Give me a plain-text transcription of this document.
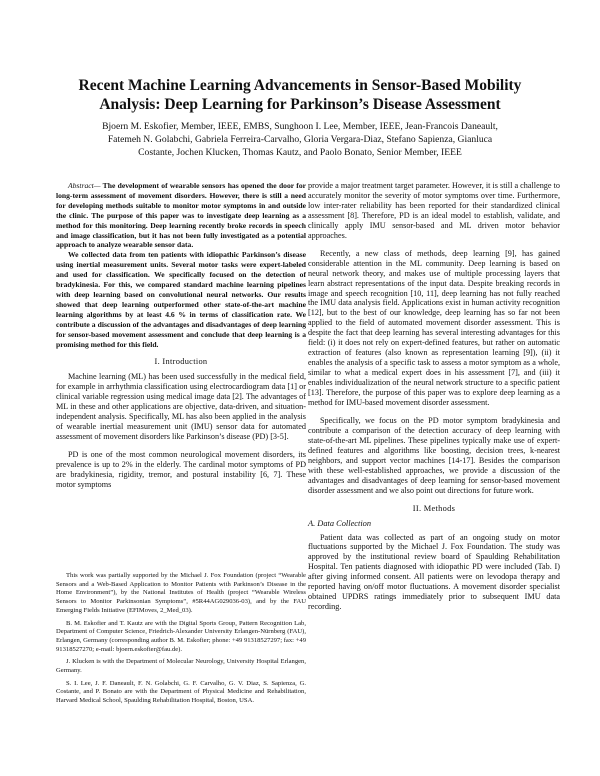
Recent Machine Learning Advancements in Sensor-Based Mobility
Analysis: Deep Learning for Parkinson’s Disease Assessment
Bjoern M. Eskofier, Member, IEEE, EMBS, Sunghoon I. Lee, Member, IEEE, Jean-Francois Daneault,
Fatemeh N. Golabchi, Gabriela Ferreira-Carvalho, Gloria Vergara-Diaz, Stefano Sapienza, Gianluca
Costante, Jochen Klucken, Thomas Kautz, and Paolo Bonato, Senior Member, IEEE

Abstract— The development of wearable sensors has opened the door for long-term assessment of movement disorders. However, there is still a need for developing methods suitable to monitor motor symptoms in and outside the clinic. The purpose of this paper was to investigate deep learning as a method for this monitoring. Deep learning recently broke records in speech and image classification, but it has not been fully investigated as a potential approach to analyze wearable sensor data.

We collected data from ten patients with idiopathic Parkinson’s disease using inertial measurement units. Several motor tasks were expert-labeled and used for classification. We specifically focused on the detection of bradykinesia. For this, we compared standard machine learning pipelines with deep learning based on convolutional neural networks. Our results showed that deep learning outperformed other state-of-the-art machine learning algorithms by at least 4.6 % in terms of classification rate. We contribute a discussion of the advantages and disadvantages of deep learning for sensor-based movement assessment and conclude that deep learning is a promising method for this field.

I. Introduction

Machine learning (ML) has been used successfully in the medical field, for example in arrhythmia classification using electrocardiogram data [1] or clinical variable regression using medical image data [2]. The advantages of ML in these and other applications are objective, data-driven, and situation-independent analysis. Specifically, ML has also been applied in the analysis of wearable inertial measurement unit (IMU) sensor data for automated assessment of movement disorders like Parkinson’s disease (PD) [3-5].

PD is one of the most common neurological movement disorders, its prevalence is up to 2% in the elderly. The cardinal motor symptoms of PD are bradykinesia, rigidity, tremor, and postural instability [6, 7]. These motor symptoms

This work was partially supported by the Michael J. Fox Foundation (project “Wearable Sensors and a Web-Based Application to Monitor Patients with Parkinson’s Disease in the Home Environment”), by the National Institutes of Health (project “Wearable Wireless Sensors to Monitor Parkinsonian Symptoms”, #5R44AG029036-03), and by the FAU Emerging Fields Initiative (EFIMoves, 2_Med_03).

B. M. Eskofier and T. Kautz are with the Digital Sports Group, Pattern Recognition Lab, Department of Computer Science, Friedrich-Alexander University Erlangen-Nürnberg (FAU), Erlangen, Germany (corresponding author B. M. Eskofier; phone: +49 91318527297; fax: +49 91318527270; e-mail: bjoern.eskofier@fau.de).

J. Klucken is with the Department of Molecular Neurology, University Hospital Erlangen, Germany.

S. I. Lee, J. F. Daneault, F. N. Golabchi, G. F. Carvalho, G. V. Diaz, S. Sapienza, G. Costante, and P. Bonato are with the Department of Physical Medicine and Rehabilitation, Harvard Medical School, Spaulding Rehabilitation Hospital, Boston, USA.

provide a major treatment target parameter. However, it is still a challenge to accurately monitor the severity of motor symptoms over time. Furthermore, low inter-rater reliability has been reported for their standardized clinical assessment [8]. Therefore, PD is an ideal model to establish, validate, and clinically apply IMU sensor-based and ML driven motor behavior approaches.

Recently, a new class of methods, deep learning [9], has gained considerable attention in the ML community. Deep learning is based on neural network theory, and makes use of multiple processing layers that learn abstract representations of the input data. Despite breaking records in image and speech recognition [10, 11], deep learning has not fully reached the IMU data analysis field. Applications exist in human activity recognition [12], but to the best of our knowledge, deep learning has so far not been applied to the field of automated movement disorder assessment. This is despite the fact that deep learning has several interesting advantages for this field: (i) it does not rely on expert-defined features, but rather on automatic extraction of features (also known as representation learning [9]), (ii) it enables the analysis of a specific task to assess a motor symptom as a whole, similar to what a medical expert does in his assessment [7], and (iii) it enables individualization of the neural network structure to a specific patient [13]. Therefore, the purpose of this paper was to explore deep learning as a method for IMU-based movement disorder assessment.

Specifically, we focus on the PD motor symptom bradykinesia and contribute a comparison of the detection accuracy of deep learning with state-of-the-art ML pipelines. These pipelines typically make use of expert-defined features and algorithms like boosting, decision trees, k-nearest neighbors, and support vector machines [14-17]. Besides the comparison with these well-established approaches, we provide a discussion of the advantages and disadvantages of deep learning for sensor-based movement disorder assessment and we also point out directions for future work.

II. Methods
A. Data Collection

Patient data was collected as part of an ongoing study on motor fluctuations supported by the Michael J. Fox Foundation. The study was approved by the institutional review board of Spaulding Rehabilitation Hospital. Ten patients diagnosed with idiopathic PD were included (Tab. I) after giving informed consent. All patients were on levodopa therapy and reported having on/off motor fluctuations. A movement disorder specialist obtained UPDRS ratings immediately prior to subsequent IMU data recording.
